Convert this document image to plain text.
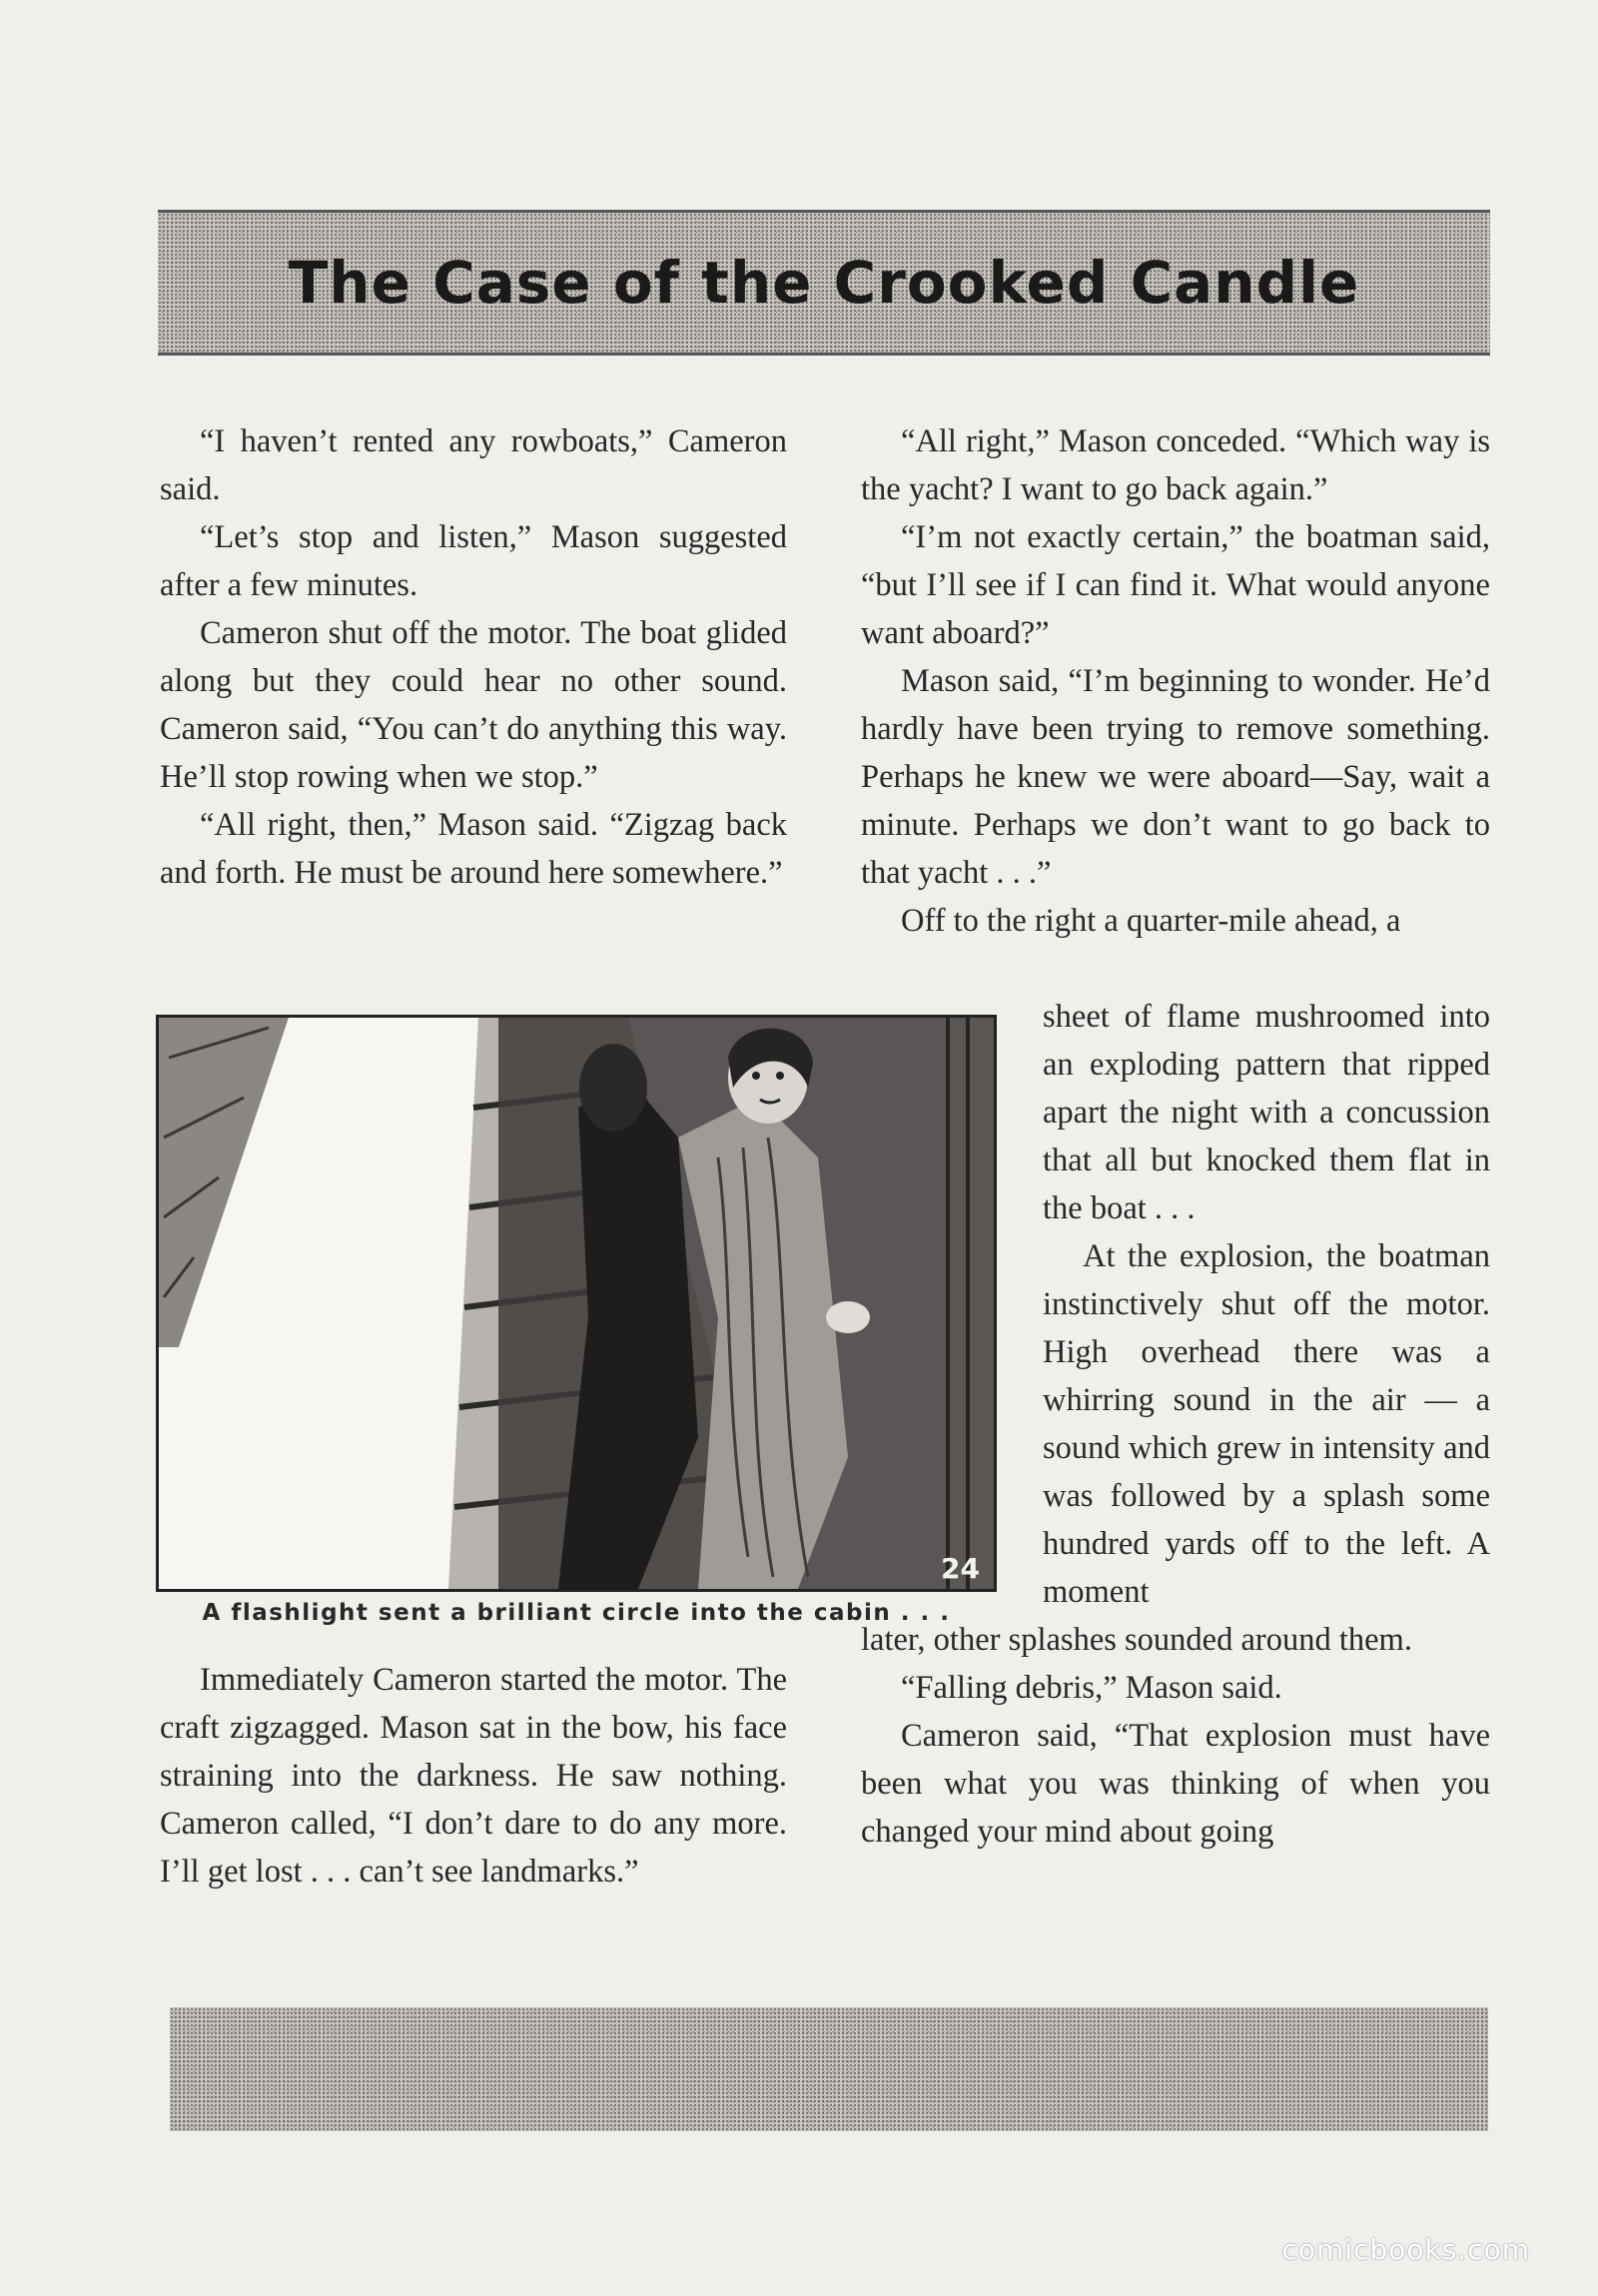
The Case of the Crooked Candle

“I haven’t rented any rowboats,” Cameron said.

“Let’s stop and listen,” Mason suggested after a few minutes.

Cameron shut off the motor. The boat glided along but they could hear no other sound. Cameron said, “You can’t do anything this way. He’ll stop rowing when we stop.”

“All right, then,” Mason said. “Zigzag back and forth. He must be around here somewhere.”

24
A flashlight sent a brilliant circle into the cabin . . .

Immediately Cameron started the motor. The craft zigzagged. Mason sat in the bow, his face straining into the darkness. He saw nothing. Cameron called, “I don’t dare to do any more. I’ll get lost . . . can’t see landmarks.”

“All right,” Mason conceded. “Which way is the yacht? I want to go back again.”

“I’m not exactly certain,” the boatman said, “but I’ll see if I can find it. What would anyone want aboard?”

Mason said, “I’m beginning to wonder. He’d hardly have been trying to remove something. Perhaps he knew we were aboard—Say, wait a minute. Perhaps we don’t want to go back to that yacht . . .”

Off to the right a quarter-mile ahead, a

sheet of flame mushroomed into an exploding pattern that ripped apart the night with a concussion that all but knocked them flat in the boat . . .

At the explosion, the boatman instinctively shut off the motor. High overhead there was a whirring sound in the air — a sound which grew in intensity and was followed by a splash some hundred yards off to the left. A moment

later, other splashes sounded around them.

“Falling debris,” Mason said.

Cameron said, “That explosion must have been what you was thinking of when you changed your mind about going

comicbooks.com
